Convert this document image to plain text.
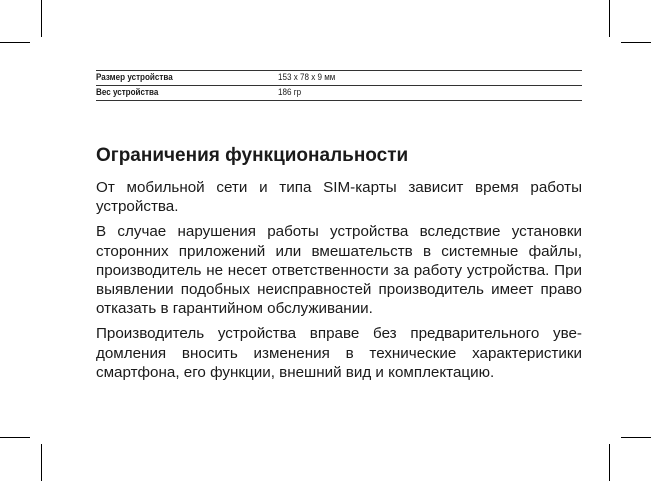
Размер устройства	153 x 78 x 9 мм
Вес устройства	186 гр
Ограничения функциональности

От мобильной сети и типа SIM-карты зависит время работы устройства.

В случае нарушения работы устройства вследствие установки сторонних приложений или вмешательств в системные файлы, производитель не несет ответственности за работу устройства. При выявлении подобных неисправностей производитель имеет право отказать в гарантийном обслуживании.

Производитель устройства вправе без предварительного уве-домления вносить изменения в технические характеристики смартфона, его функции, внешний вид и комплектацию.
